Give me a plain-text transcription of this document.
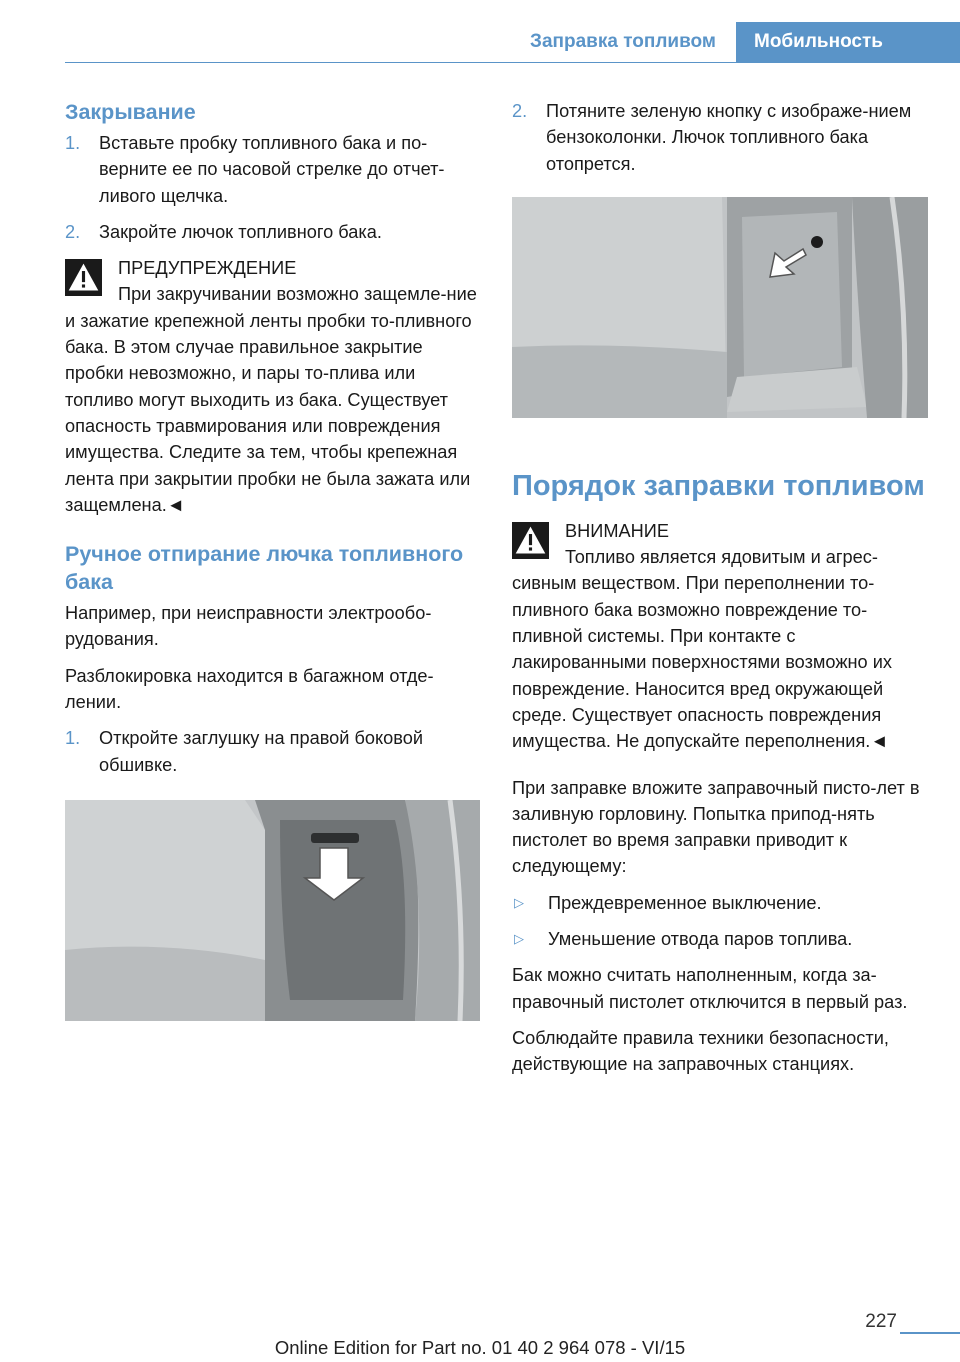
Заправка топливом	Мобильность
Закрывание
1.	Вставьте пробку топливного бака и по-верните ее по часовой стрелке до отчет-ливого щелчка.
2.	Закройте лючок топливного бака.
ПРЕДУПРЕЖДЕНИЕ
При закручивании возможно защемле-ние и зажатие крепежной ленты пробки то-пливного бака. В этом случае правильное закрытие пробки невозможно, и пары то-плива или топливо могут выходить из бака. Существует опасность травмирования или повреждения имущества. Следите за тем, чтобы крепежная лента при закрытии пробки не была зажата или защемлена.◄
Ручное отпирание лючка топливного бака
Например, при неисправности электрообо-рудования.
Разблокировка находится в багажном отде-лении.
1.	Откройте заглушку на правой боковой обшивке.
2.	Потяните зеленую кнопку с изображе-нием бензоколонки. Лючок топливного бака отопрется.
Порядок заправки топливом
ВНИМАНИЕ
Топливо является ядовитым и агрес-сивным веществом. При переполнении то-пливного бака возможно повреждение то-пливной системы. При контакте с лакированными поверхностями возможно их повреждение. Наносится вред окружающей среде. Существует опасность повреждения имущества. Не допускайте переполнения.◄
При заправке вложите заправочный писто-лет в заливную горловину. Попытка припод-нять пистолет во время заправки приводит к следующему:
▷	Преждевременное выключение.
▷	Уменьшение отвода паров топлива.
Бак можно считать наполненным, когда за-правочный пистолет отключится в первый раз.
Соблюдайте правила техники безопасности, действующие на заправочных станциях.
227
Online Edition for Part no. 01 40 2 964 078 - VI/15
